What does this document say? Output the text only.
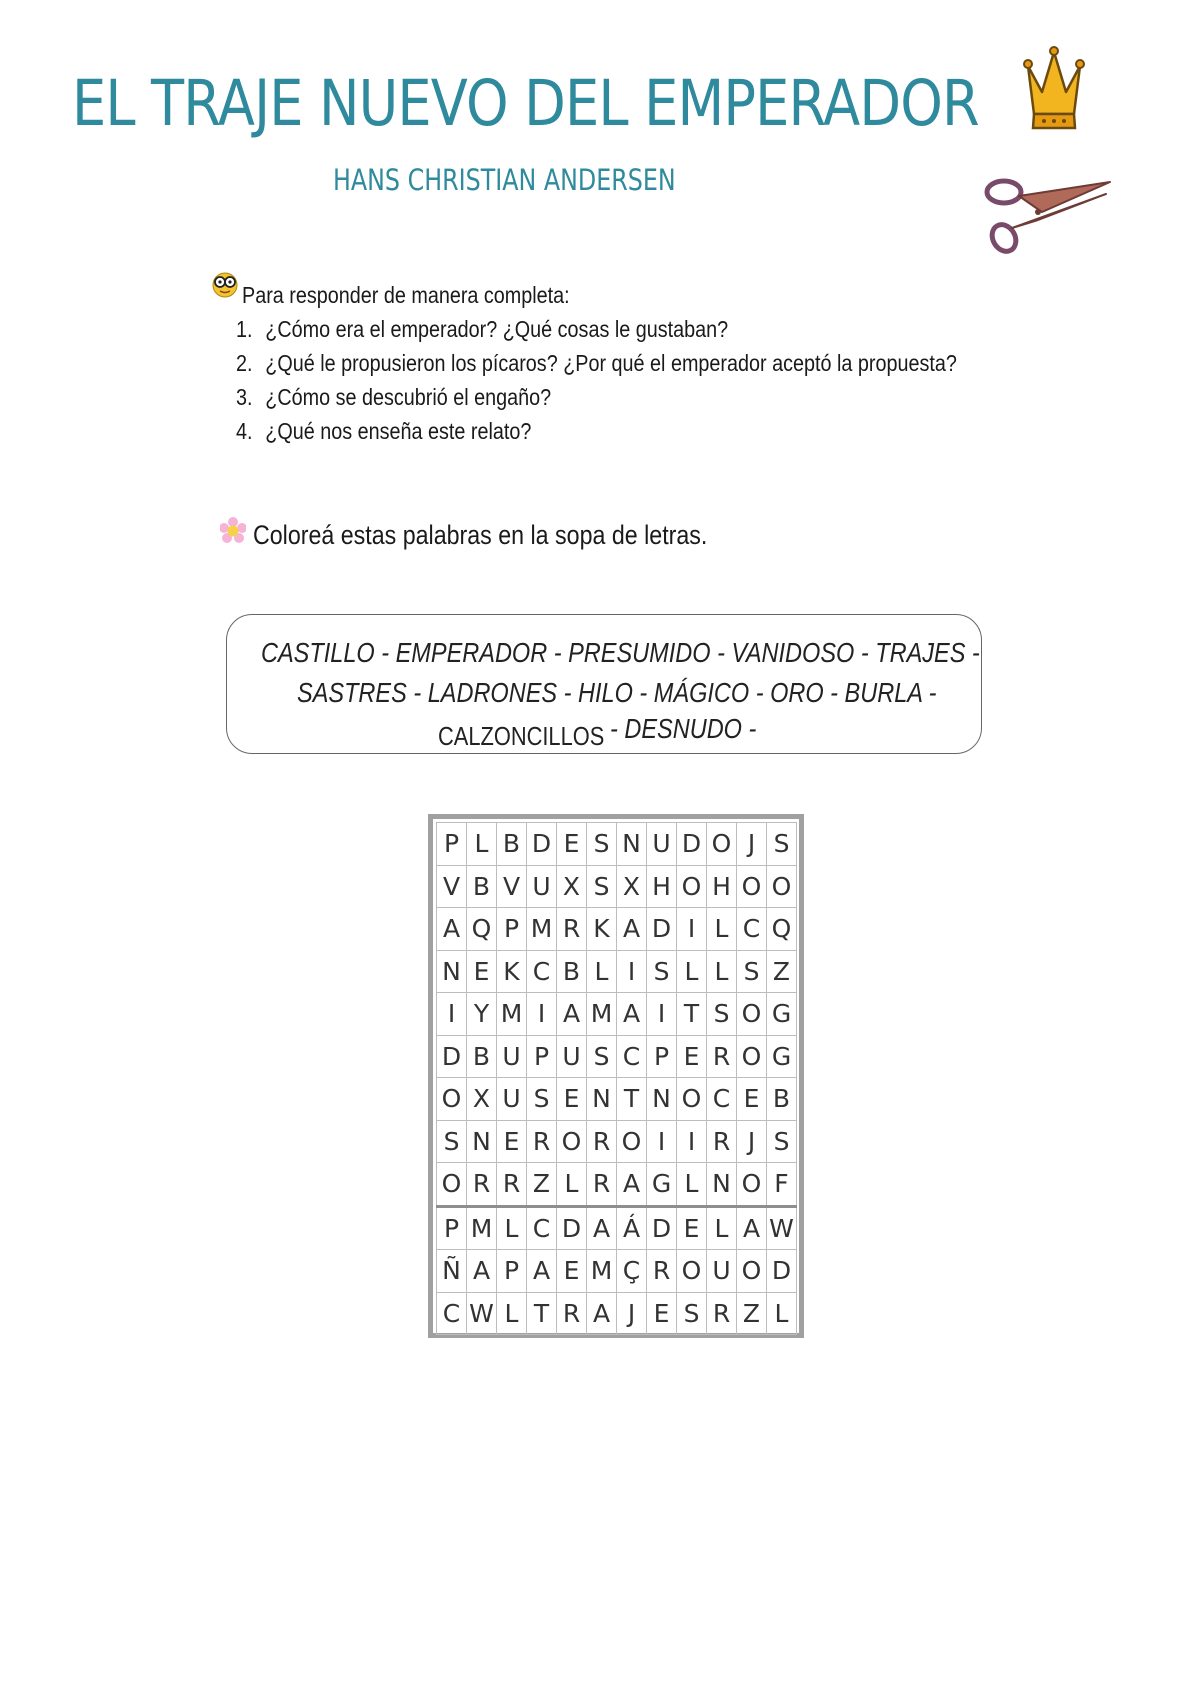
EL TRAJE NUEVO DEL EMPERADOR
HANS CHRISTIAN ANDERSEN
Para responder de manera completa:
1. ¿Cómo era el emperador? ¿Qué cosas le gustaban?
2. ¿Qué le propusieron los pícaros? ¿Por qué el emperador aceptó la propuesta?
3. ¿Cómo se descubrió el engaño?
4. ¿Qué nos enseña este relato?
Coloreá estas palabras en la sopa de letras.
CASTILLO - EMPERADOR - PRESUMIDO - VANIDOSO - TRAJES -
SASTRES - LADRONES - HILO - MÁGICO - ORO - BURLA -
CALZONCILLOS - DESNUDO -
P	L	B	D	E	S	N	U	D	O	J	S
V	B	V	U	X	S	X	H	O	H	O	O
A	Q	P	M	R	K	A	D	I	L	C	Q
N	E	K	C	B	L	I	S	L	L	S	Z
I	Y	M	I	A	M	A	I	T	S	O	G
D	B	U	P	U	S	C	P	E	R	O	G
O	X	U	S	E	N	T	N	O	C	E	B
S	N	E	R	O	R	O	I	I	R	J	S
O	R	R	Z	L	R	A	G	L	N	O	F
P	M	L	C	D	A	Á	D	E	L	A	W
Ñ	A	P	A	E	M	Ç	R	O	U	O	D
C	W	L	T	R	A	J	E	S	R	Z	L
